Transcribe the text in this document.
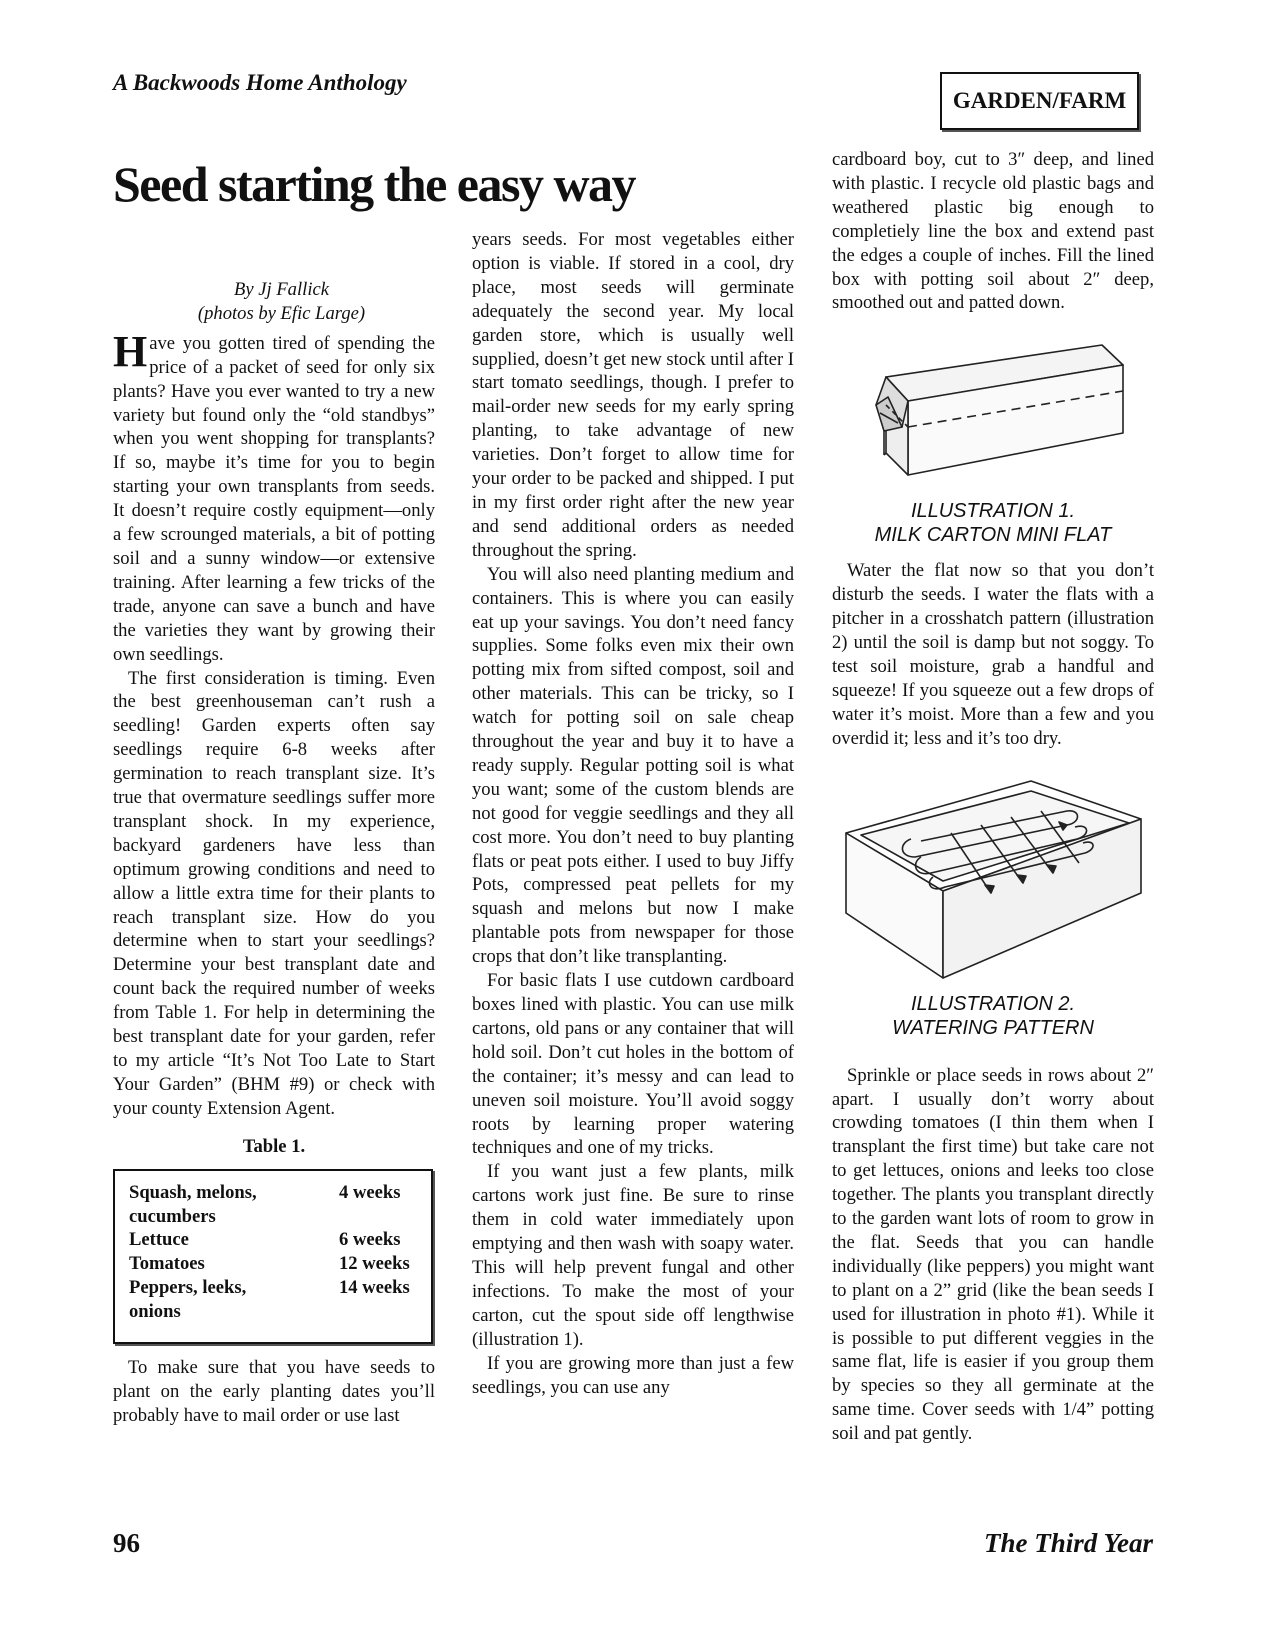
A Backwoods Home Anthology
GARDEN/FARM
Seed starting the easy way

By Jj Fallick

(photos by Efic Large)

Have you gotten tired of spending the price of a packet of seed for only six plants? Have you ever wanted to try a new variety but found only the “old standbys” when you went shopping for transplants? If so, maybe it’s time for you to begin starting your own transplants from seeds. It doesn’t require costly equipment—only a few scrounged materials, a bit of potting soil and a sunny window—or extensive training. After learning a few tricks of the trade, anyone can save a bunch and have the varieties they want by growing their own seedlings.

The first consideration is timing. Even the best greenhouseman can’t rush a seedling! Garden experts often say seedlings require 6-8 weeks after germination to reach transplant size. It’s true that overmature seedlings suffer more transplant shock. In my experience, backyard gardeners have less than optimum growing conditions and need to allow a little extra time for their plants to reach transplant size. How do you determine when to start your seedlings? Determine your best transplant date and count back the required number of weeks from Table 1. For help in determining the best transplant date for your garden, refer to my article “It’s Not Too Late to Start Your Garden” (BHM #9) or check with your county Extension Agent.

Table 1.
Squash, melons,
cucumbers	4 weeks

Lettuce	6 weeks

Tomatoes	12 weeks

Peppers, leeks,
onions	14 weeks

To make sure that you have seeds to plant on the early planting dates you’ll probably have to mail order or use last

years seeds. For most vegetables either option is viable. If stored in a cool, dry place, most seeds will germinate adequately the second year. My local garden store, which is usually well supplied, doesn’t get new stock until after I start tomato seedlings, though. I prefer to mail-order new seeds for my early spring planting, to take advantage of new varieties. Don’t forget to allow time for your order to be packed and shipped. I put in my first order right after the new year and send additional orders as needed throughout the spring.

You will also need planting medium and containers. This is where you can easily eat up your savings. You don’t need fancy supplies. Some folks even mix their own potting mix from sifted compost, soil and other materials. This can be tricky, so I watch for potting soil on sale cheap throughout the year and buy it to have a ready supply. Regular potting soil is what you want; some of the custom blends are not good for veggie seedlings and they all cost more. You don’t need to buy planting flats or peat pots either. I used to buy Jiffy Pots, compressed peat pellets for my squash and melons but now I make plantable pots from newspaper for those crops that don’t like transplanting.

For basic flats I use cutdown cardboard boxes lined with plastic. You can use milk cartons, old pans or any container that will hold soil. Don’t cut holes in the bottom of the container; it’s messy and can lead to uneven soil moisture. You’ll avoid soggy roots by learning proper watering techniques and one of my tricks.

If you want just a few plants, milk cartons work just fine. Be sure to rinse them in cold water immediately upon emptying and then wash with soapy water. This will help prevent fungal and other infections. To make the most of your carton, cut the spout side off lengthwise (illustration 1).

If you are growing more than just a few seedlings, you can use any

cardboard boy, cut to 3″ deep, and lined with plastic. I recycle old plastic bags and weathered plastic big enough to completiely line the box and extend past the edges a couple of inches. Fill the lined box with potting soil about 2″ deep, smoothed out and patted down.

ILLUSTRATION 1.
MILK CARTON MINI FLAT

Water the flat now so that you don’t disturb the seeds. I water the flats with a pitcher in a crosshatch pattern (illustration 2) until the soil is damp but not soggy. To test soil moisture, grab a handful and squeeze! If you squeeze out a few drops of water it’s moist. More than a few and you overdid it; less and it’s too dry.

ILLUSTRATION 2.
WATERING PATTERN

Sprinkle or place seeds in rows about 2″ apart. I usually don’t worry about crowding tomatoes (I thin them when I transplant the first time) but take care not to get lettuces, onions and leeks too close together. The plants you transplant directly to the garden want lots of room to grow in the flat. Seeds that you can handle individually (like peppers) you might want to plant on a 2” grid (like the bean seeds I used for illustration in photo #1). While it is possible to put different veggies in the same flat, life is easier if you group them by species so they all germinate at the same time. Cover seeds with 1/4” potting soil and pat gently.

96	The Third Year
